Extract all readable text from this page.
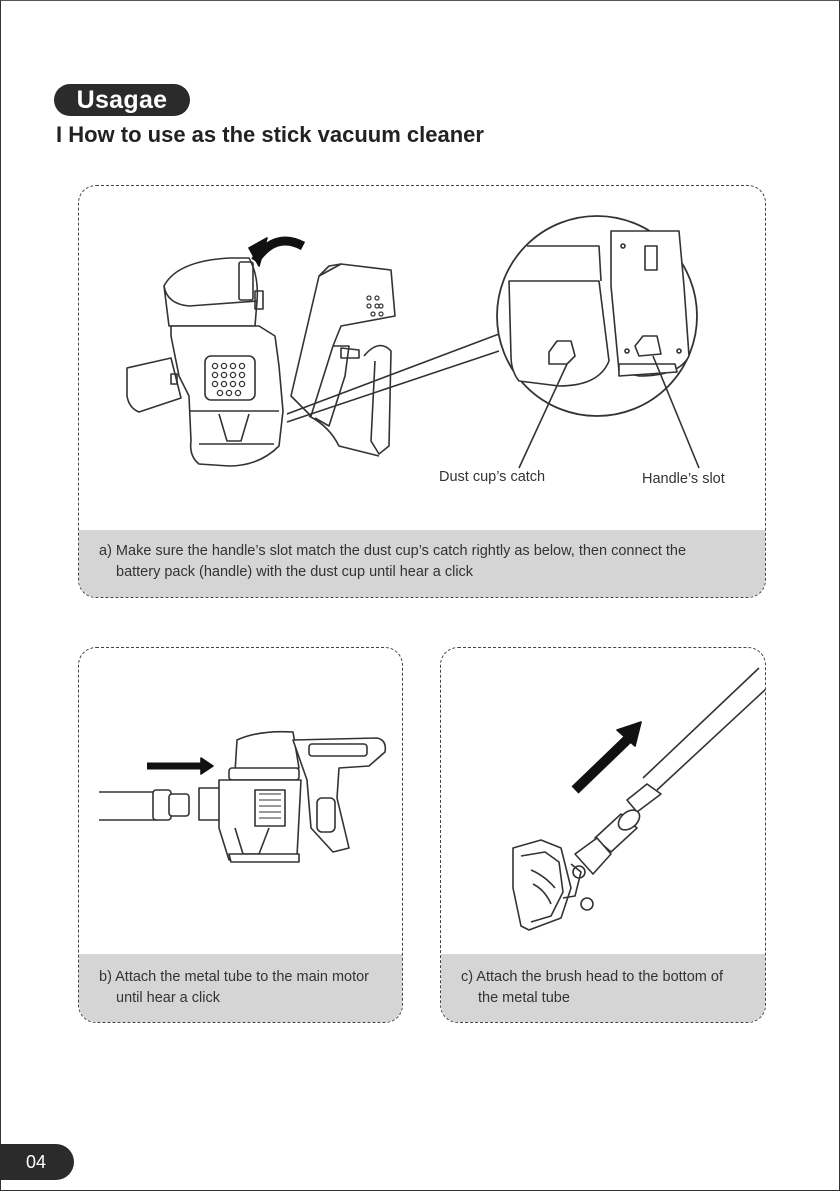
Usagae
I How to use as the stick vacuum cleaner
Dust cup’s catch	Handle’s slot
a) Make sure the handle’s slot match the dust cup’s catch rightly as below, then connect the
battery pack (handle) with the dust cup until hear a click
b) Attach the metal tube to the main motor
until hear a click
c) Attach the brush head to the bottom of
the metal tube
04
